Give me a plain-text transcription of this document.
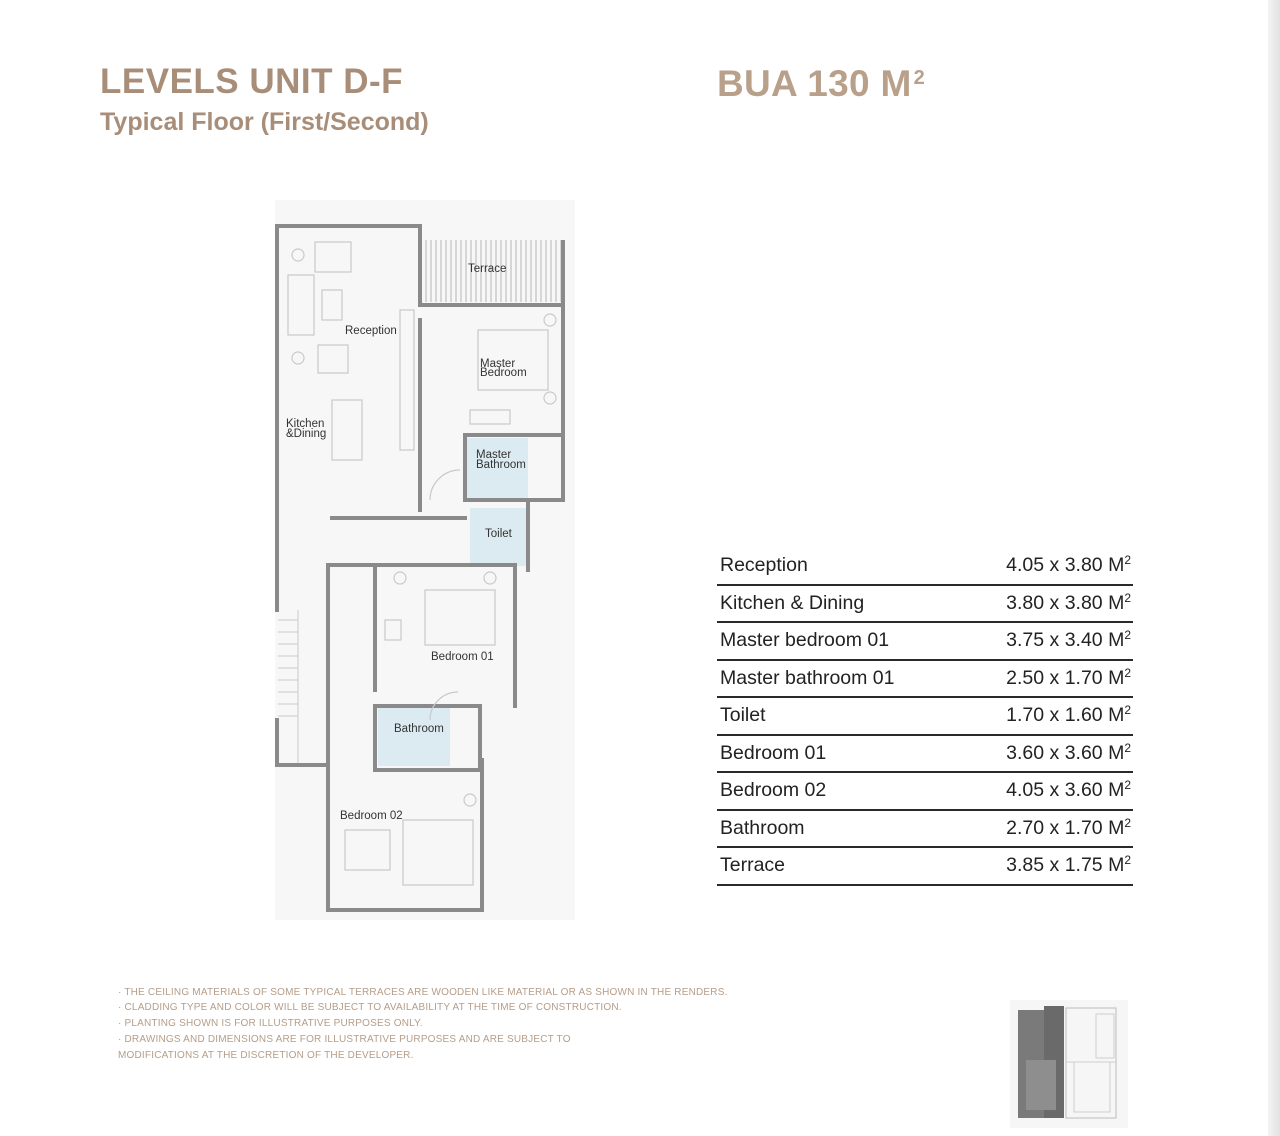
LEVELS UNIT D-F
Typical Floor (First/Second)
BUA 130 M $^2$
Terrace
Reception
Master
Bedroom
Kitchen
&Dining
Master
Bathroom
Toilet
Bedroom 01
Bathroom
Bedroom 02
Reception	4.05 x 3.80 $M^2$
Kitchen & Dining	3.80 x 3.80 $M^2$
Master bedroom 01	3.75 x 3.40 $M^2$
Master bathroom 01	2.50 x 1.70 $M^2$
Toilet	1.70 x 1.60 $M^2$
Bedroom 01	3.60 x 3.60 $M^2$
Bedroom 02	4.05 x 3.60 $M^2$
Bathroom	2.70 x 1.70 $M^2$
Terrace	3.85 x 1.75 $M^2$

· THE CEILING MATERIALS OF SOME TYPICAL TERRACES ARE WOODEN LIKE MATERIAL OR AS SHOWN IN THE RENDERS.

· CLADDING TYPE AND COLOR WILL BE SUBJECT TO AVAILABILITY AT THE TIME OF CONSTRUCTION.

· PLANTING SHOWN IS FOR ILLUSTRATIVE PURPOSES ONLY.

· DRAWINGS AND DIMENSIONS ARE FOR ILLUSTRATIVE PURPOSES AND ARE SUBJECT TO

MODIFICATIONS AT THE DISCRETION OF THE DEVELOPER.
